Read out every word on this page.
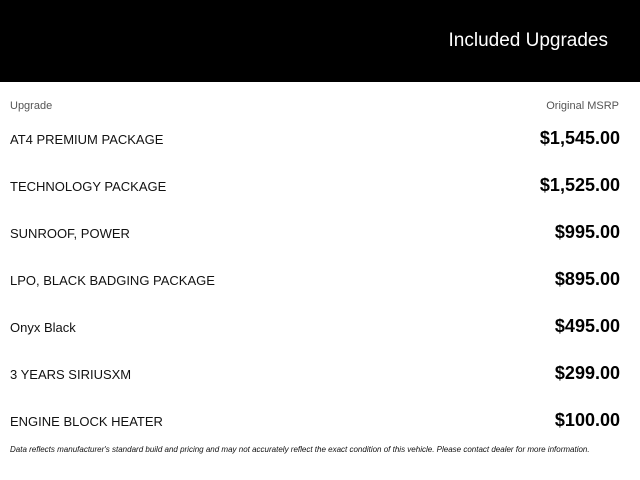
Included Upgrades
Upgrade	Original MSRP
AT4 PREMIUM PACKAGE	$1,545.00
TECHNOLOGY PACKAGE	$1,525.00
SUNROOF, POWER	$995.00
LPO, BLACK BADGING PACKAGE	$895.00
Onyx Black	$495.00
3 YEARS SIRIUSXM	$299.00
ENGINE BLOCK HEATER	$100.00
Data reflects manufacturer's standard build and pricing and may not accurately reflect the exact condition of this vehicle. Please contact dealer for more information.
